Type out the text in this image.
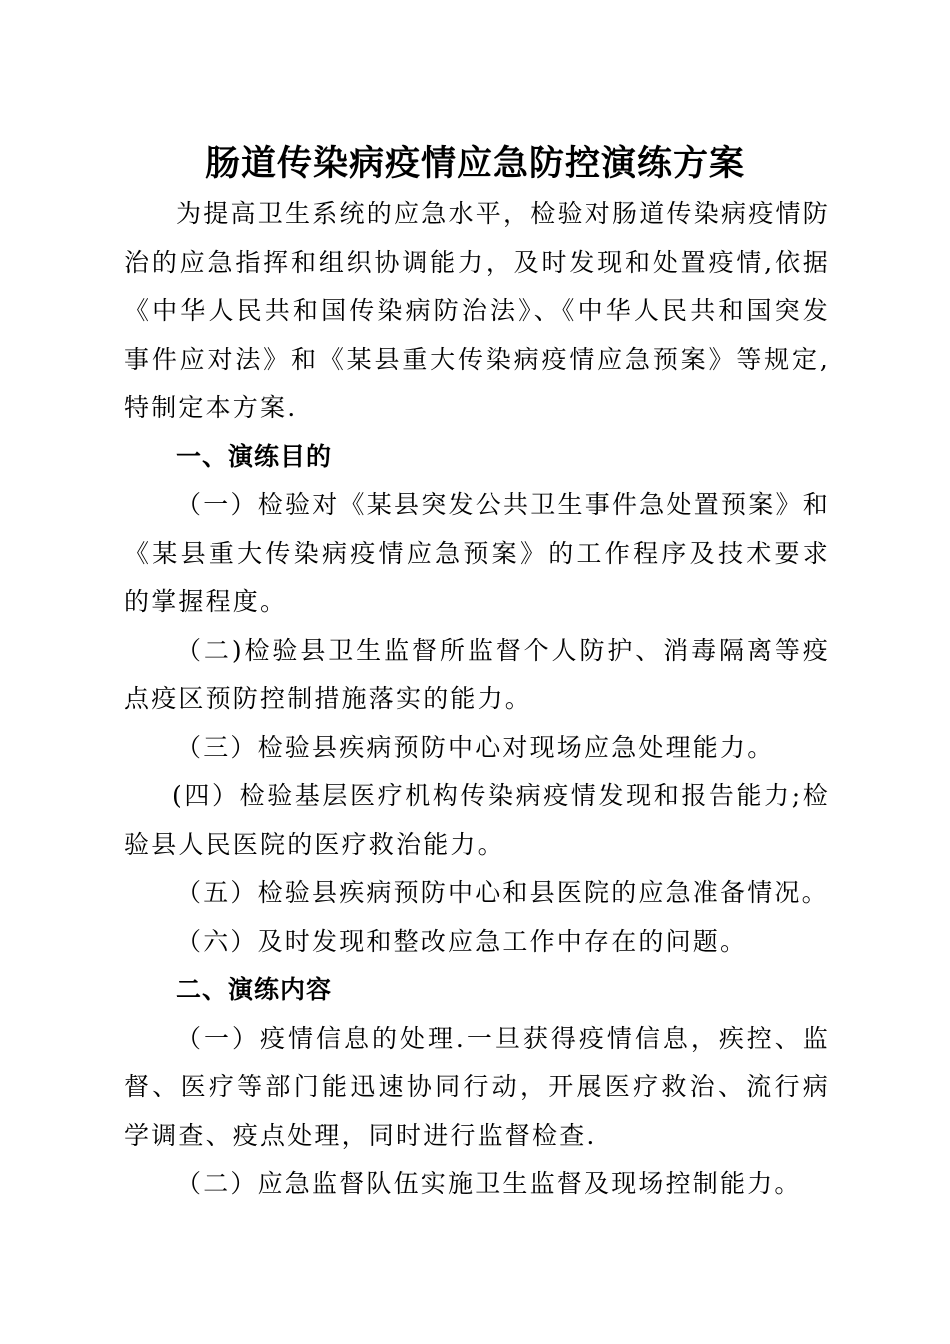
肠道传染病疫情应急防控演练方案

为提高卫生系统的应急水平，检验对肠道传染病疫情防治的应急指挥和组织协调能力，及时发现和处置疫情,依据《中华人民共和国传染病防治法》、《中华人民共和国突发事件应对法》和《某县重大传染病疫情应急预案》等规定,特制定本方案.

一、演练目的

（一）检验对《某县突发公共卫生事件急处置预案》和《某县重大传染病疫情应急预案》的工作程序及技术要求的掌握程度。

（二)检验县卫生监督所监督个人防护、消毒隔离等疫点疫区预防控制措施落实的能力。

（三）检验县疾病预防中心对现场应急处理能力。

(四）检验基层医疗机构传染病疫情发现和报告能力;检验县人民医院的医疗救治能力。

（五）检验县疾病预防中心和县医院的应急准备情况。

（六）及时发现和整改应急工作中存在的问题。

二、演练内容

（一）疫情信息的处理.一旦获得疫情信息，疾控、监督、医疗等部门能迅速协同行动，开展医疗救治、流行病学调查、疫点处理，同时进行监督检查.

（二）应急监督队伍实施卫生监督及现场控制能力。
